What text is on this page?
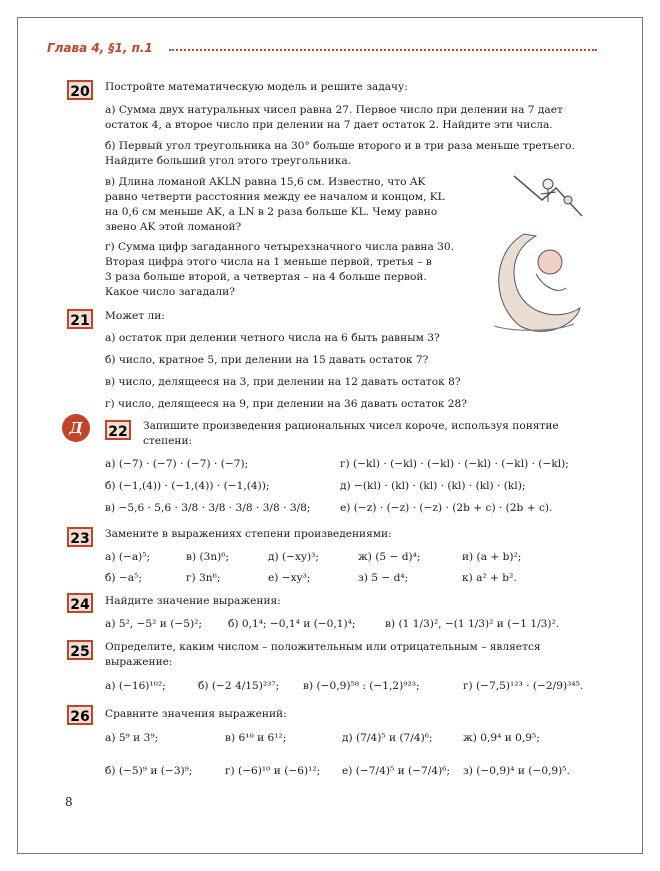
Глава 4, §1, п.1
20	Постройте математическую модель и решите задачу:
а) Сумма двух натуральных чисел равна 27. Первое число при делении на 7 дает
остаток 4, а второе число при делении на 7 дает остаток 2. Найдите эти числа.
б) Первый угол треугольника на 30° больше второго и в три раза меньше третьего.
Найдите больший угол этого треугольника.
в) Длина ломаной AKLN равна 15,6 см. Известно, что AK
равно четверти расстояния между ее началом и концом, KL
на 0,6 см меньше AK, а LN в 2 раза больше KL. Чему равно
звено AK этой ломаной?
г) Сумма цифр загаданного четырехзначного числа равна 30.
Вторая цифра этого числа на 1 меньше первой, третья – в
3 раза больше второй, а четвертая – на 4 больше первой.
Какое число загадали?
21	Может ли:
а) остаток при делении четного числа на 6 быть равным 3?
б) число, кратное 5, при делении на 15 давать остаток 7?
в) число, делящееся на 3, при делении на 12 давать остаток 8?
г) число, делящееся на 9, при делении на 36 давать остаток 28?
Д	22	Запишите произведения рациональных чисел короче, используя понятие
степени:
а) (−7) · (−7) · (−7) · (−7);
б) (−1,(4)) · (−1,(4)) · (−1,(4));
в) −5,6 · 5,6 · 3/8 · 3/8 · 3/8 · 3/8 · 3/8;
г) (−kl) · (−kl) · (−kl) · (−kl) · (−kl) · (−kl);
д) −(kl) · (kl) · (kl) · (kl) · (kl) · (kl);
е) (−z) · (−z) · (−z) · (2b + c) · (2b + c).
23	Замените в выражениях степени произведениями:
а) (−a)⁵;	в) (3n)⁶;	д) (−xy)³;	ж) (5 − d)⁴;	и) (a + b)²;
б) −a⁵;	г) 3n⁶;	е) −xy³;	з) 5 − d⁴;	к) a² + b².
24	Найдите значение выражения:
а) 5², −5² и (−5)²; б) 0,1⁴; −0,1⁴ и (−0,1)⁴;	в) (1 1/3)², −(1 1/3)² и (−1 1/3)².
25	Определите, каким числом – положительным или отрицательным – является
выражение:
а) (−16)¹⁰²;	б) (−2 4/15)²³⁷; в) (−0,9)⁵⁸ : (−1,2)⁹²³;	г) (−7,5)¹²³ · (−2/9)³⁴⁵.
26	Сравните значения выражений:
а) 5⁹ и 3⁹;	в) 6¹⁰ и 6¹²;	д) (7/4)⁵ и (7/4)⁶;	ж) 0,9⁴ и 0,9⁵;
б) (−5)⁹ и (−3)⁹;	г) (−6)¹⁰ и (−6)¹²; е) (−7/4)⁵ и (−7/4)⁶; з) (−0,9)⁴ и (−0,9)⁵.
8
